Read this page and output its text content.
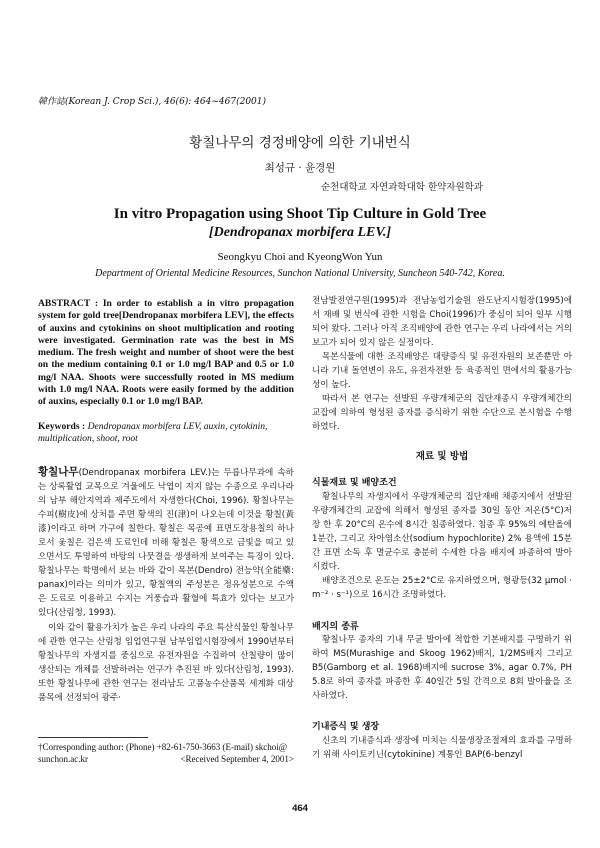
韓作誌(Korean J. Crop Sci.), 46(6): 464~467(2001)
황칠나무의 경정배양에 의한 기내번식
최성규 · 윤경원
순천대학교 자연과학대학 한약자원학과
In vitro Propagation using Shoot Tip Culture in Gold Tree
[Dendropanax morbifera LEV.]
Seongkyu Choi and KyeongWon Yun
Department of Oriental Medicine Resources, Sunchon National University, Suncheon 540-742, Korea.
ABSTRACT : In order to establish a in vitro propagation system for gold tree[Dendropanax morbifera LEV], the effects of auxins and cytokinins on shoot multiplication and rooting were investigated. Germination rate was the best in MS medium. The fresh weight and number of shoot were the best on the medium containing 0.1 or 1.0 mg/l BAP and 0.5 or 1.0 mg/l NAA. Shoots were successfully rooted in MS medium with 1.0 mg/l NAA. Roots were easily formed by the addition of auxins, especially 0.1 or 1.0 mg/l BAP.
Keywords : Dendropanax morbifera LEV, auxin, cytokinin, multiplication, shoot, root

황칠나무(Dendropanax morbifera LEV.)는 두릅나무과에 속하는 상록활엽 교목으로 겨울에도 낙엽이 지지 않는 수종으로 우리나라의 남부 해안지역과 제주도에서 자생한다(Choi, 1996). 황칠나무는 수피(樹皮)에 상처를 주면 황색의 진(津)이 나오는데 이것을 황칠(黃漆)이라고 하며 가구에 칠한다. 황칠은 목공예 표면도장용칠의 하나로서 옻칠은 검은색 도료인데 비해 황칠은 황색으로 금빛을 띠고 있으면서도 투명하여 바탕의 나뭇결을 생생하게 보여주는 특징이 있다. 황칠나무는 학명에서 보는 바와 같이 목본(Dendro) 전능약(全能藥: panax)이라는 의미가 있고, 황칠액의 주성분은 정유성분으로 수액은 도료로 이용하고 수지는 거풍습과 활혈에 특효가 있다는 보고가 있다(산림청, 1993).

이와 같이 활용가치가 높은 우리 나라의 주요 특산식물인 황칠나무에 관한 연구는 산림청 임업연구원 남부임업시험장에서 1990년부터 황칠나무의 자생지를 중심으로 유전자원을 수집하여 산칠량이 많이 생산되는 개체를 선발하려는 연구가 추진된 바 있다(산림청, 1993). 또한 황칠나무에 관한 연구는 전라남도 고품농수산품목 세계화 대상품목에 선정되어 광주·

†Corresponding author: (Phone) +82-61-750-3663 (E-mail) skchoi@
sunchon.ac.kr	<Received September 4, 2001>

전남발전연구원(1995)과 전남농업기술원 완도난지시험장(1995)에서 재배 및 번식에 관한 시험을 Choi(1996)가 중심이 되어 일부 시행되어 왔다. 그러나 아직 조직배양에 관한 연구는 우리 나라에서는 거의 보고가 되어 있지 않은 실정이다.

목본식물에 대한 조직배양은 대량증식 및 유전자원의 보존뿐만 아니라 기내 돌연변이 유도, 유전자전환 등 육종적인 면에서의 활용가능성이 높다.

따라서 본 연구는 선발된 우량개체군의 집단재종시 우량개체간의 교잡에 의하여 형성된 종자를 증식하기 위한 수단으로 본시험을 수행하였다.

재료 및 방법
식물재료 및 배양조건

황칠나무의 자생지에서 우량개체군의 집단재배 채종지에서 선발된 우량개체간의 교잡에 의해서 형성된 종자를 30일 동안 저온(5°C)저장 한 후 20°C의 온수에 8시간 침종하였다. 침종 후 95%의 에탄올에 1분간, 그리고 차아염소산(sodium hypochlorite) 2% 용액에 15분간 표면 소독 후 멸균수로 충분히 수세한 다음 배지에 파종하여 발아 시켰다.

배양조건으로 온도는 25±2°C로 유지하였으며, 형광등(32 μmol · m⁻² · s⁻¹)으로 16시간 조명하였다.

배지의 종류

황칠나무 종자의 기내 무균 발아에 적합한 기본배지를 구명하기 위하여 MS(Murashige and Skoog 1962)배지, 1/2MS배지 그리고 B5(Gamborg et al. 1968)배지에 sucrose 3%, agar 0.7%, PH 5.8로 하여 종자를 파종한 후 40일간 5일 간격으로 8회 발아율을 조사하였다.

기내증식 및 생장

신초의 기내증식과 생장에 미치는 식물생장조절제의 효과를 구명하기 위해 사이토키닌(cytokinine) 계통인 BAP(6-benzyl

464
